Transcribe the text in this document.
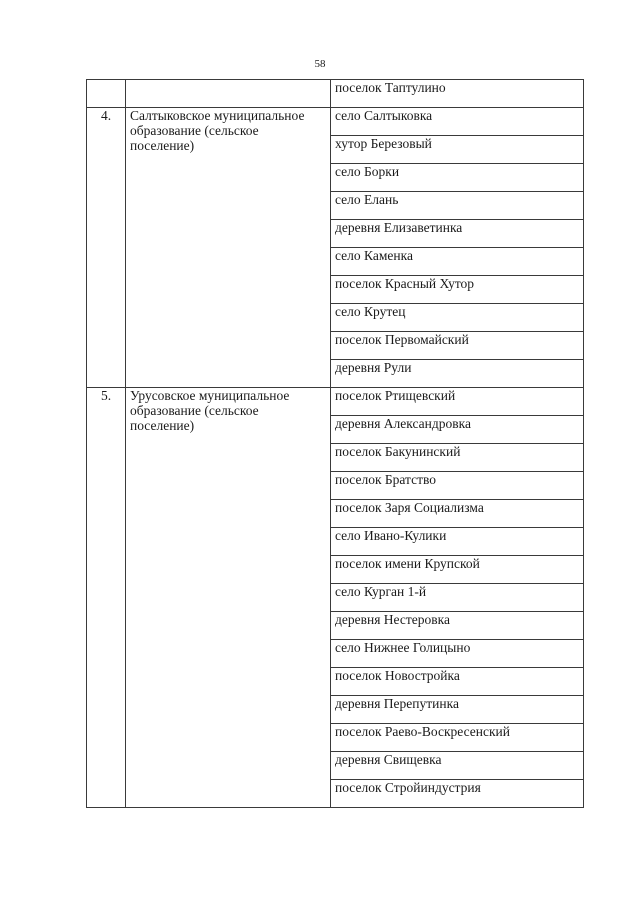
58
		поселок Таптулино
4.	Салтыковское муниципальное образование (сельское поселение)	село Салтыковка
		хутор Березовый
		село Борки
		село Елань
		деревня Елизаветинка
		село Каменка
		поселок Красный Хутор
		село Крутец
		поселок Первомайский
		деревня Рули
5.	Урусовское муниципальное образование (сельское поселение)	поселок Ртищевский
		деревня Александровка
		поселок Бакунинский
		поселок Братство
		поселок Заря Социализма
		село Ивано-Кулики
		поселок имени Крупской
		село Курган 1-й
		деревня Нестеровка
		село Нижнее Голицыно
		поселок Новостройка
		деревня Перепутинка
		поселок Раево-Воскресенский
		деревня Свищевка
		поселок Стройиндустрия
